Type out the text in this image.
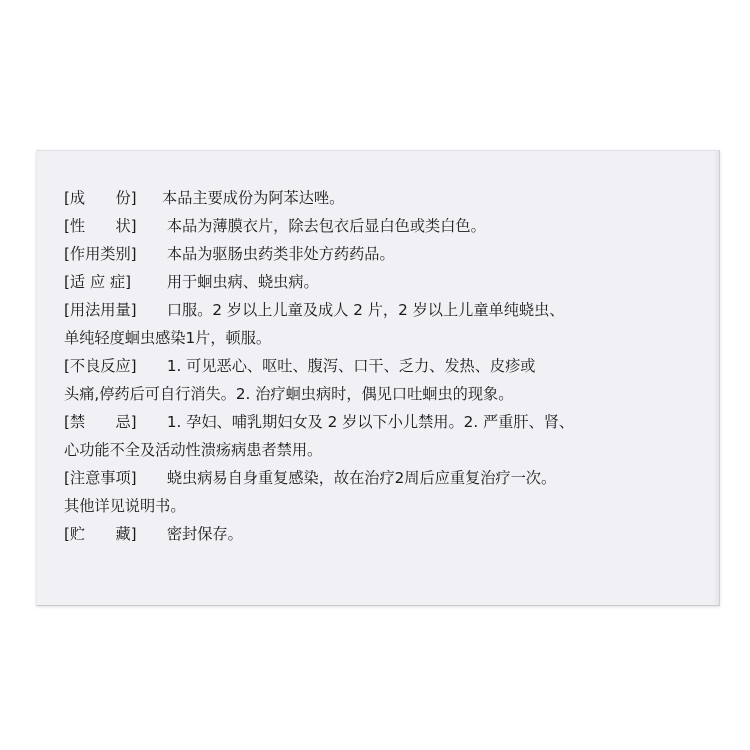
[成　　份] 本品主要成份为阿苯达唑。
[性　　状] 本品为薄膜衣片，除去包衣后显白色或类白色。
[作用类别] 本品为驱肠虫药类非处方药药品。
[适 应 症] 用于蛔虫病、蛲虫病。
[用法用量] 口服。2 岁以上儿童及成人 2 片，2 岁以上儿童单纯蛲虫、
单纯轻度蛔虫感染1片，顿服。
[不良反应] 1. 可见恶心、呕吐、腹泻、口干、乏力、发热、皮疹或
头痛,停药后可自行消失。2. 治疗蛔虫病时，偶见口吐蛔虫的现象。
[禁　　忌] 1. 孕妇、哺乳期妇女及 2 岁以下小儿禁用。2. 严重肝、肾、
心功能不全及活动性溃疡病患者禁用。
[注意事项] 蛲虫病易自身重复感染，故在治疗2周后应重复治疗一次。
其他详见说明书。
[贮　　藏] 密封保存。
